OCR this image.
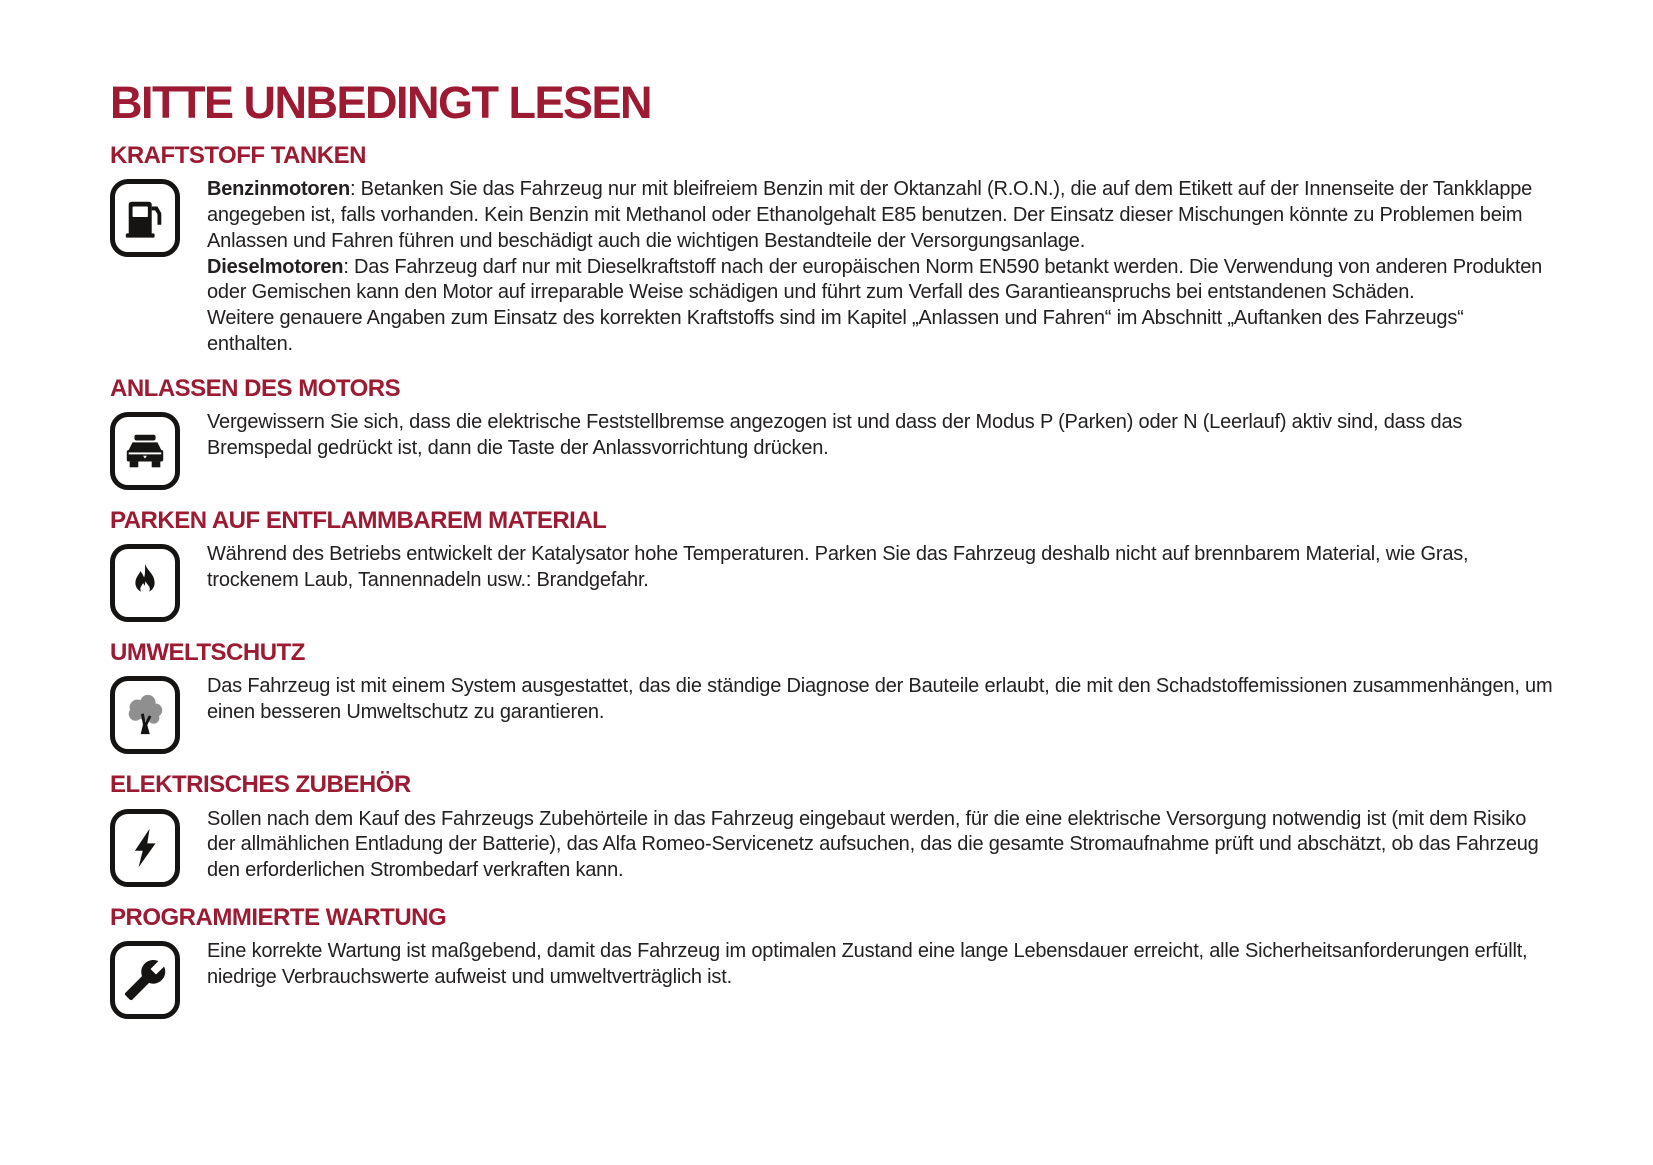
BITTE UNBEDINGT LESEN
KRAFTSTOFF TANKEN

Benzinmotoren: Betanken Sie das Fahrzeug nur mit bleifreiem Benzin mit der Oktanzahl (R.O.N.), die auf dem Etikett auf der Innenseite der Tankklappe angegeben ist, falls vorhanden. Kein Benzin mit Methanol oder Ethanolgehalt E85 benutzen. Der Einsatz dieser Mischungen könnte zu Problemen beim Anlassen und Fahren führen und beschädigt auch die wichtigen Bestandteile der Versorgungsanlage.

Dieselmotoren: Das Fahrzeug darf nur mit Dieselkraftstoff nach der europäischen Norm EN590 betankt werden. Die Verwendung von anderen Produkten oder Gemischen kann den Motor auf irreparable Weise schädigen und führt zum Verfall des Garantieanspruchs bei entstandenen Schäden.

Weitere genauere Angaben zum Einsatz des korrekten Kraftstoffs sind im Kapitel „Anlassen und Fahren“ im Abschnitt „Auftanken des Fahrzeugs“ enthalten.

ANLASSEN DES MOTORS

Vergewissern Sie sich, dass die elektrische Feststellbremse angezogen ist und dass der Modus P (Parken) oder N (Leerlauf) aktiv sind, dass das Bremspedal gedrückt ist, dann die Taste der Anlassvorrichtung drücken.

PARKEN AUF ENTFLAMMBAREM MATERIAL

Während des Betriebs entwickelt der Katalysator hohe Temperaturen. Parken Sie das Fahrzeug deshalb nicht auf brennbarem Material, wie Gras, trockenem Laub, Tannennadeln usw.: Brandgefahr.

UMWELTSCHUTZ

Das Fahrzeug ist mit einem System ausgestattet, das die ständige Diagnose der Bauteile erlaubt, die mit den Schadstoffemissionen zusammenhängen, um einen besseren Umweltschutz zu garantieren.

ELEKTRISCHES ZUBEHÖR

Sollen nach dem Kauf des Fahrzeugs Zubehörteile in das Fahrzeug eingebaut werden, für die eine elektrische Versorgung notwendig ist (mit dem Risiko der allmählichen Entladung der Batterie), das Alfa Romeo-Servicenetz aufsuchen, das die gesamte Stromaufnahme prüft und abschätzt, ob das Fahrzeug den erforderlichen Strombedarf verkraften kann.

PROGRAMMIERTE WARTUNG

Eine korrekte Wartung ist maßgebend, damit das Fahrzeug im optimalen Zustand eine lange Lebensdauer erreicht, alle Sicherheitsanforderungen erfüllt, niedrige Verbrauchswerte aufweist und umweltverträglich ist.
